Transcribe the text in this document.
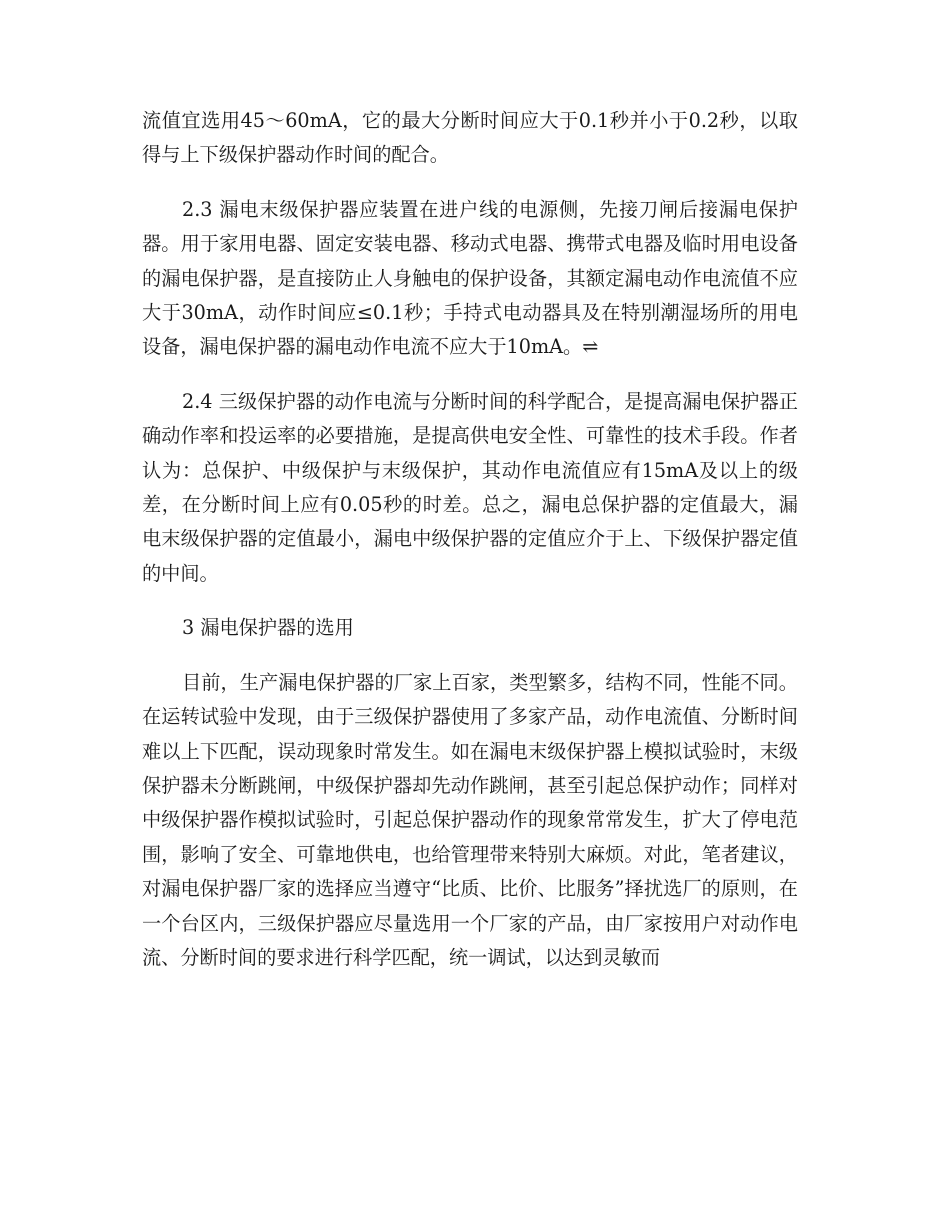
流值宜选用45～60mA，它的最大分断时间应大于0.1秒并小于0.2秒，以取得与上下级保护器动作时间的配合。

2.3 漏电末级保护器应装置在进户线的电源侧，先接刀闸后接漏电保护器。用于家用电器、固定安装电器、移动式电器、携带式电器及临时用电设备的漏电保护器，是直接防止人身触电的保护设备，其额定漏电动作电流值不应大于30mA，动作时间应≤0.1秒；手持式电动器具及在特别潮湿场所的用电设备，漏电保护器的漏电动作电流不应大于10mA。⇌

2.4 三级保护器的动作电流与分断时间的科学配合，是提高漏电保护器正确动作率和投运率的必要措施，是提高供电安全性、可靠性的技术手段。作者认为：总保护、中级保护与末级保护，其动作电流值应有15mA及以上的级差，在分断时间上应有0.05秒的时差。总之，漏电总保护器的定值最大，漏电末级保护器的定值最小，漏电中级保护器的定值应介于上、下级保护器定值的中间。

3 漏电保护器的选用

目前，生产漏电保护器的厂家上百家，类型繁多，结构不同，性能不同。在运转试验中发现，由于三级保护器使用了多家产品，动作电流值、分断时间难以上下匹配，误动现象时常发生。如在漏电末级保护器上模拟试验时，末级保护器未分断跳闸，中级保护器却先动作跳闸，甚至引起总保护动作；同样对中级保护器作模拟试验时，引起总保护器动作的现象常常发生，扩大了停电范围，影响了安全、可靠地供电，也给管理带来特别大麻烦。对此，笔者建议，对漏电保护器厂家的选择应当遵守“比质、比价、比服务”择扰选厂的原则，在一个台区内，三级保护器应尽量选用一个厂家的产品，由厂家按用户对动作电流、分断时间的要求进行科学匹配，统一调试，以达到灵敏而
